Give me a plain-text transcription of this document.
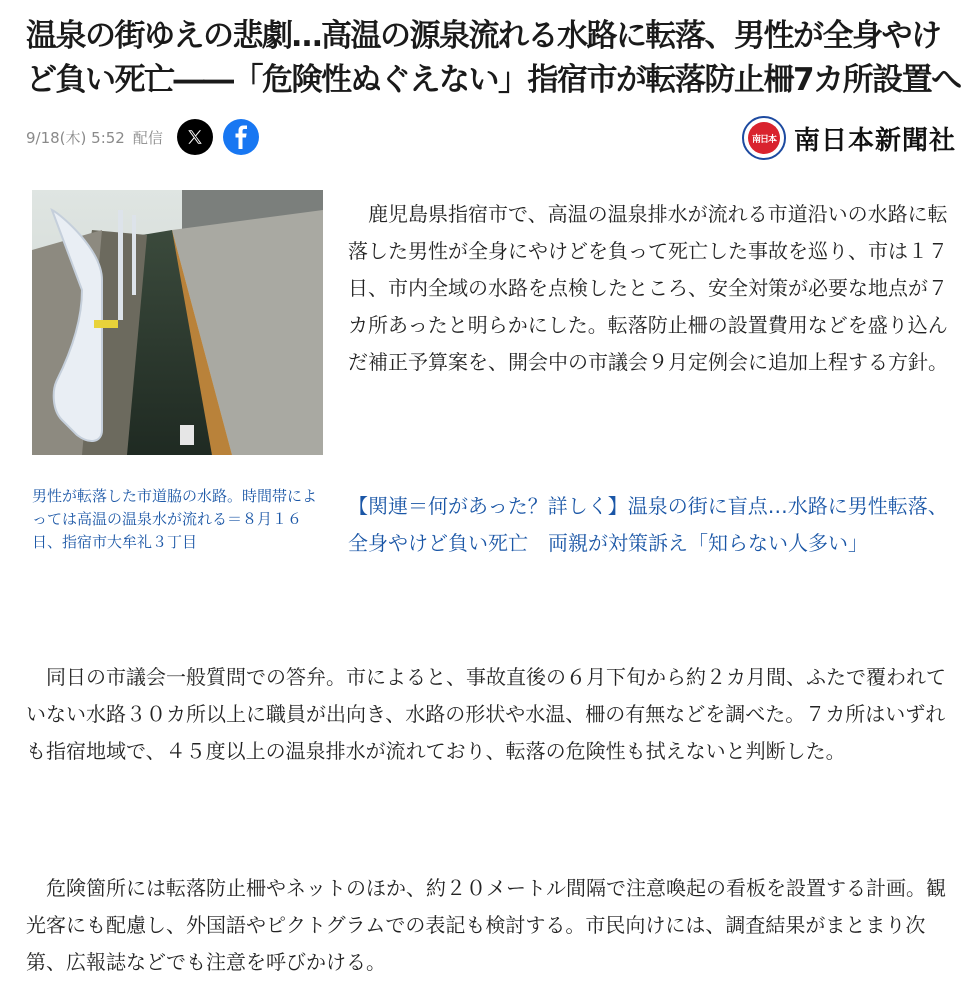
温泉の街ゆえの悲劇…高温の源泉流れる水路に転落、男性が全身やけど負い死亡――「危険性ぬぐえない」指宿市が転落防止柵7カ所設置へ
9/18(木) 5:52 配信	南日本 南日本新聞社
男性が転落した市道脇の水路。時間帯によっては高温の温泉水が流れる＝８月１６日、指宿市大牟礼３丁目

鹿児島県指宿市で、高温の温泉排水が流れる市道沿いの水路に転落した男性が全身にやけどを負って死亡した事故を巡り、市は１７日、市内全域の水路を点検したところ、安全対策が必要な地点が７カ所あったと明らかにした。転落防止柵の設置費用などを盛り込んだ補正予算案を、開会中の市議会９月定例会に追加上程する方針。

【関連＝何があった？詳しく】温泉の街に盲点…水路に男性転落、全身やけど負い死亡　両親が対策訴え「知らない人多い」

同日の市議会一般質問での答弁。市によると、事故直後の６月下旬から約２カ月間、ふたで覆われていない水路３０カ所以上に職員が出向き、水路の形状や水温、柵の有無などを調べた。７カ所はいずれも指宿地域で、４５度以上の温泉排水が流れており、転落の危険性も拭えないと判断した。

危険箇所には転落防止柵やネットのほか、約２０メートル間隔で注意喚起の看板を設置する計画。観光客にも配慮し、外国語やピクトグラムでの表記も検討する。市民向けには、調査結果がまとまり次第、広報誌などでも注意を呼びかける。
